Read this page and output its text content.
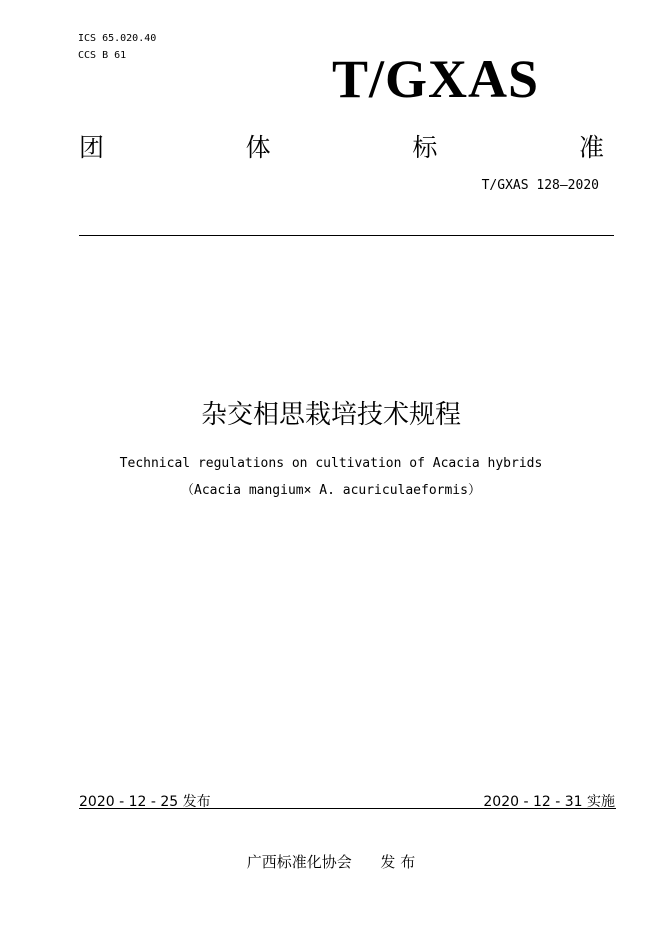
ICS 65.020.40
CCS B 61	T/GXAS
团	体	标	准
T/GXAS 128—2020
杂交相思栽培技术规程
Technical regulations on cultivation of Acacia hybrids
（Acacia mangium× A. acuriculaeformis）
2020 - 12 - 25 发布	2020 - 12 - 31 实施
广西标准化协会 发 布
